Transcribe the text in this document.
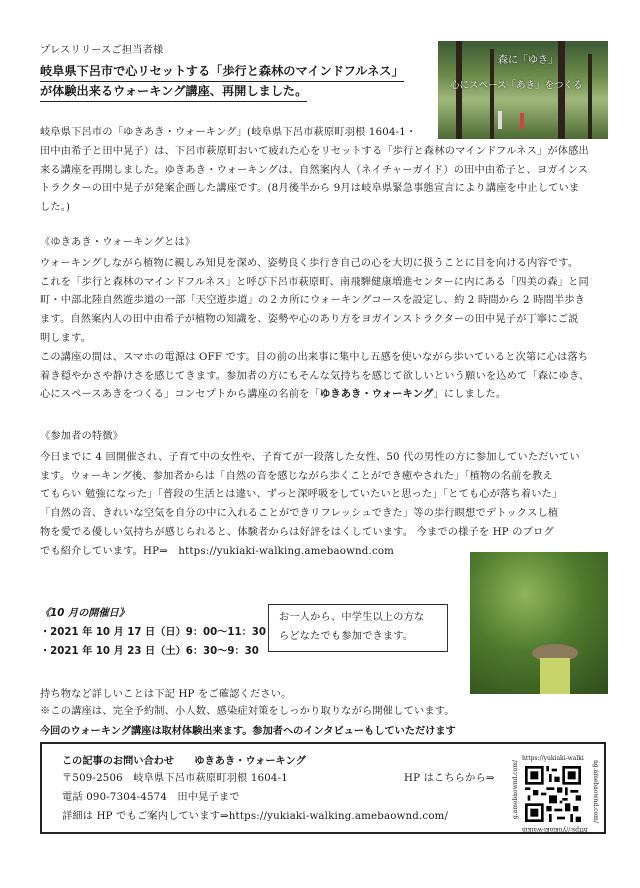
プレスリリースご担当者様
岐阜県下呂市で心リセットする「歩行と森林のマインドフルネス」
が体験出来るウォーキング講座、再開しました。
森に「ゆき」
心にスペース「あき」をつくる
岐阜県下呂市の「ゆきあき・ウォーキング」(岐阜県下呂市萩原町羽根 1604-1・
田中由希子と田中晃子）は、下呂市萩原町おいて疲れた心をリセットする「歩行と森林のマインドフルネス」が体感出
来る講座を再開しました。ゆきあき・ウォーキングは、自然案内人（ネイチャーガイド）の田中由希子と、ヨガインス
トラクターの田中晃子が発案企画した講座です。(8月後半から 9月は岐阜県緊急事態宣言により講座を中止していま
した。)
《ゆきあき・ウォーキングとは》
ウォーキングしながら植物に親しみ知見を深め、姿勢良く歩行き自己の心を大切に扱うことに目を向ける内容です。
これを「歩行と森林のマインドフルネス」と呼び下呂市萩原町、南飛騨健康増進センターに内にある「四美の森」と同
町・中部北陸自然遊歩道の一部「天空遊歩道」の２カ所にウォーキングコースを設定し、約 2 時間から 2 時間半歩き
ます。自然案内人の田中由希子が植物の知識を、姿勢や心のあり方をヨガインストラクターの田中晃子が丁寧にご説
明します。
この講座の間は、スマホの電源は OFF です。目の前の出来事に集中し五感を使いながら歩いていると次第に心は落ち
着き穏やかさや静けさを感じてきます。参加者の方にもそんな気持ちを感じて欲しいという願いを込めて「森にゆき、
心にスペースあきをつくる」コンセプトから講座の名前を「ゆきあき・ウォーキング」にしました。
《参加者の特徴》
今日までに 4 回開催され、子育て中の女性や、子育てが一段落した女性、50 代の男性の方に参加していただいてい
ます。ウォーキング後、参加者からは「自然の音を感じながら歩くことができ癒やされた」「植物の名前を教え
てもらい 勉強になった」「普段の生活とは違い、ずっと深呼吸をしていたいと思った」「とても心が落ち着いた」
「自然の音、きれいな空気を自分の中に入れることができリフレッシュできた」等の歩行瞑想でデトックスし植
物を愛でる優しい気持ちが感じられると、体験者からは好評をはくしています。 今までの様子を HP のブログ
でも紹介しています。HP⇒　https://yukiaki-walking.amebaownd.com
《10 月の開催日》
・2021 年 10 月 17 日（日）9：00～11：30
・2021 年 10 月 23 日（土）6：30～9：30
お一人から、中学生以上の方な
らどなたでも参加できます。
持ち物など詳しいことは下記 HP をご確認ください。
※この講座は、完全予約制、小人数、感染症対策をしっかり取りながら開催しています。
今回のウォーキング講座は取材体験出来ます。参加者へのインタビューもしていただけます
この記事のお問い合わせ　　ゆきあき・ウォーキング
〒509-2506　岐阜県下呂市萩原町羽根 1604-1	HP はこちらから⇒
電話 090-7304-4574　田中晃子まで
詳細は HP でもご案内しています⇒https://yukiaki-walking.amebaownd.com/
https://yukiaki-walki
ng.amebaownd.com/
https://yukiaki-walkin
g.amebaownd.com/
